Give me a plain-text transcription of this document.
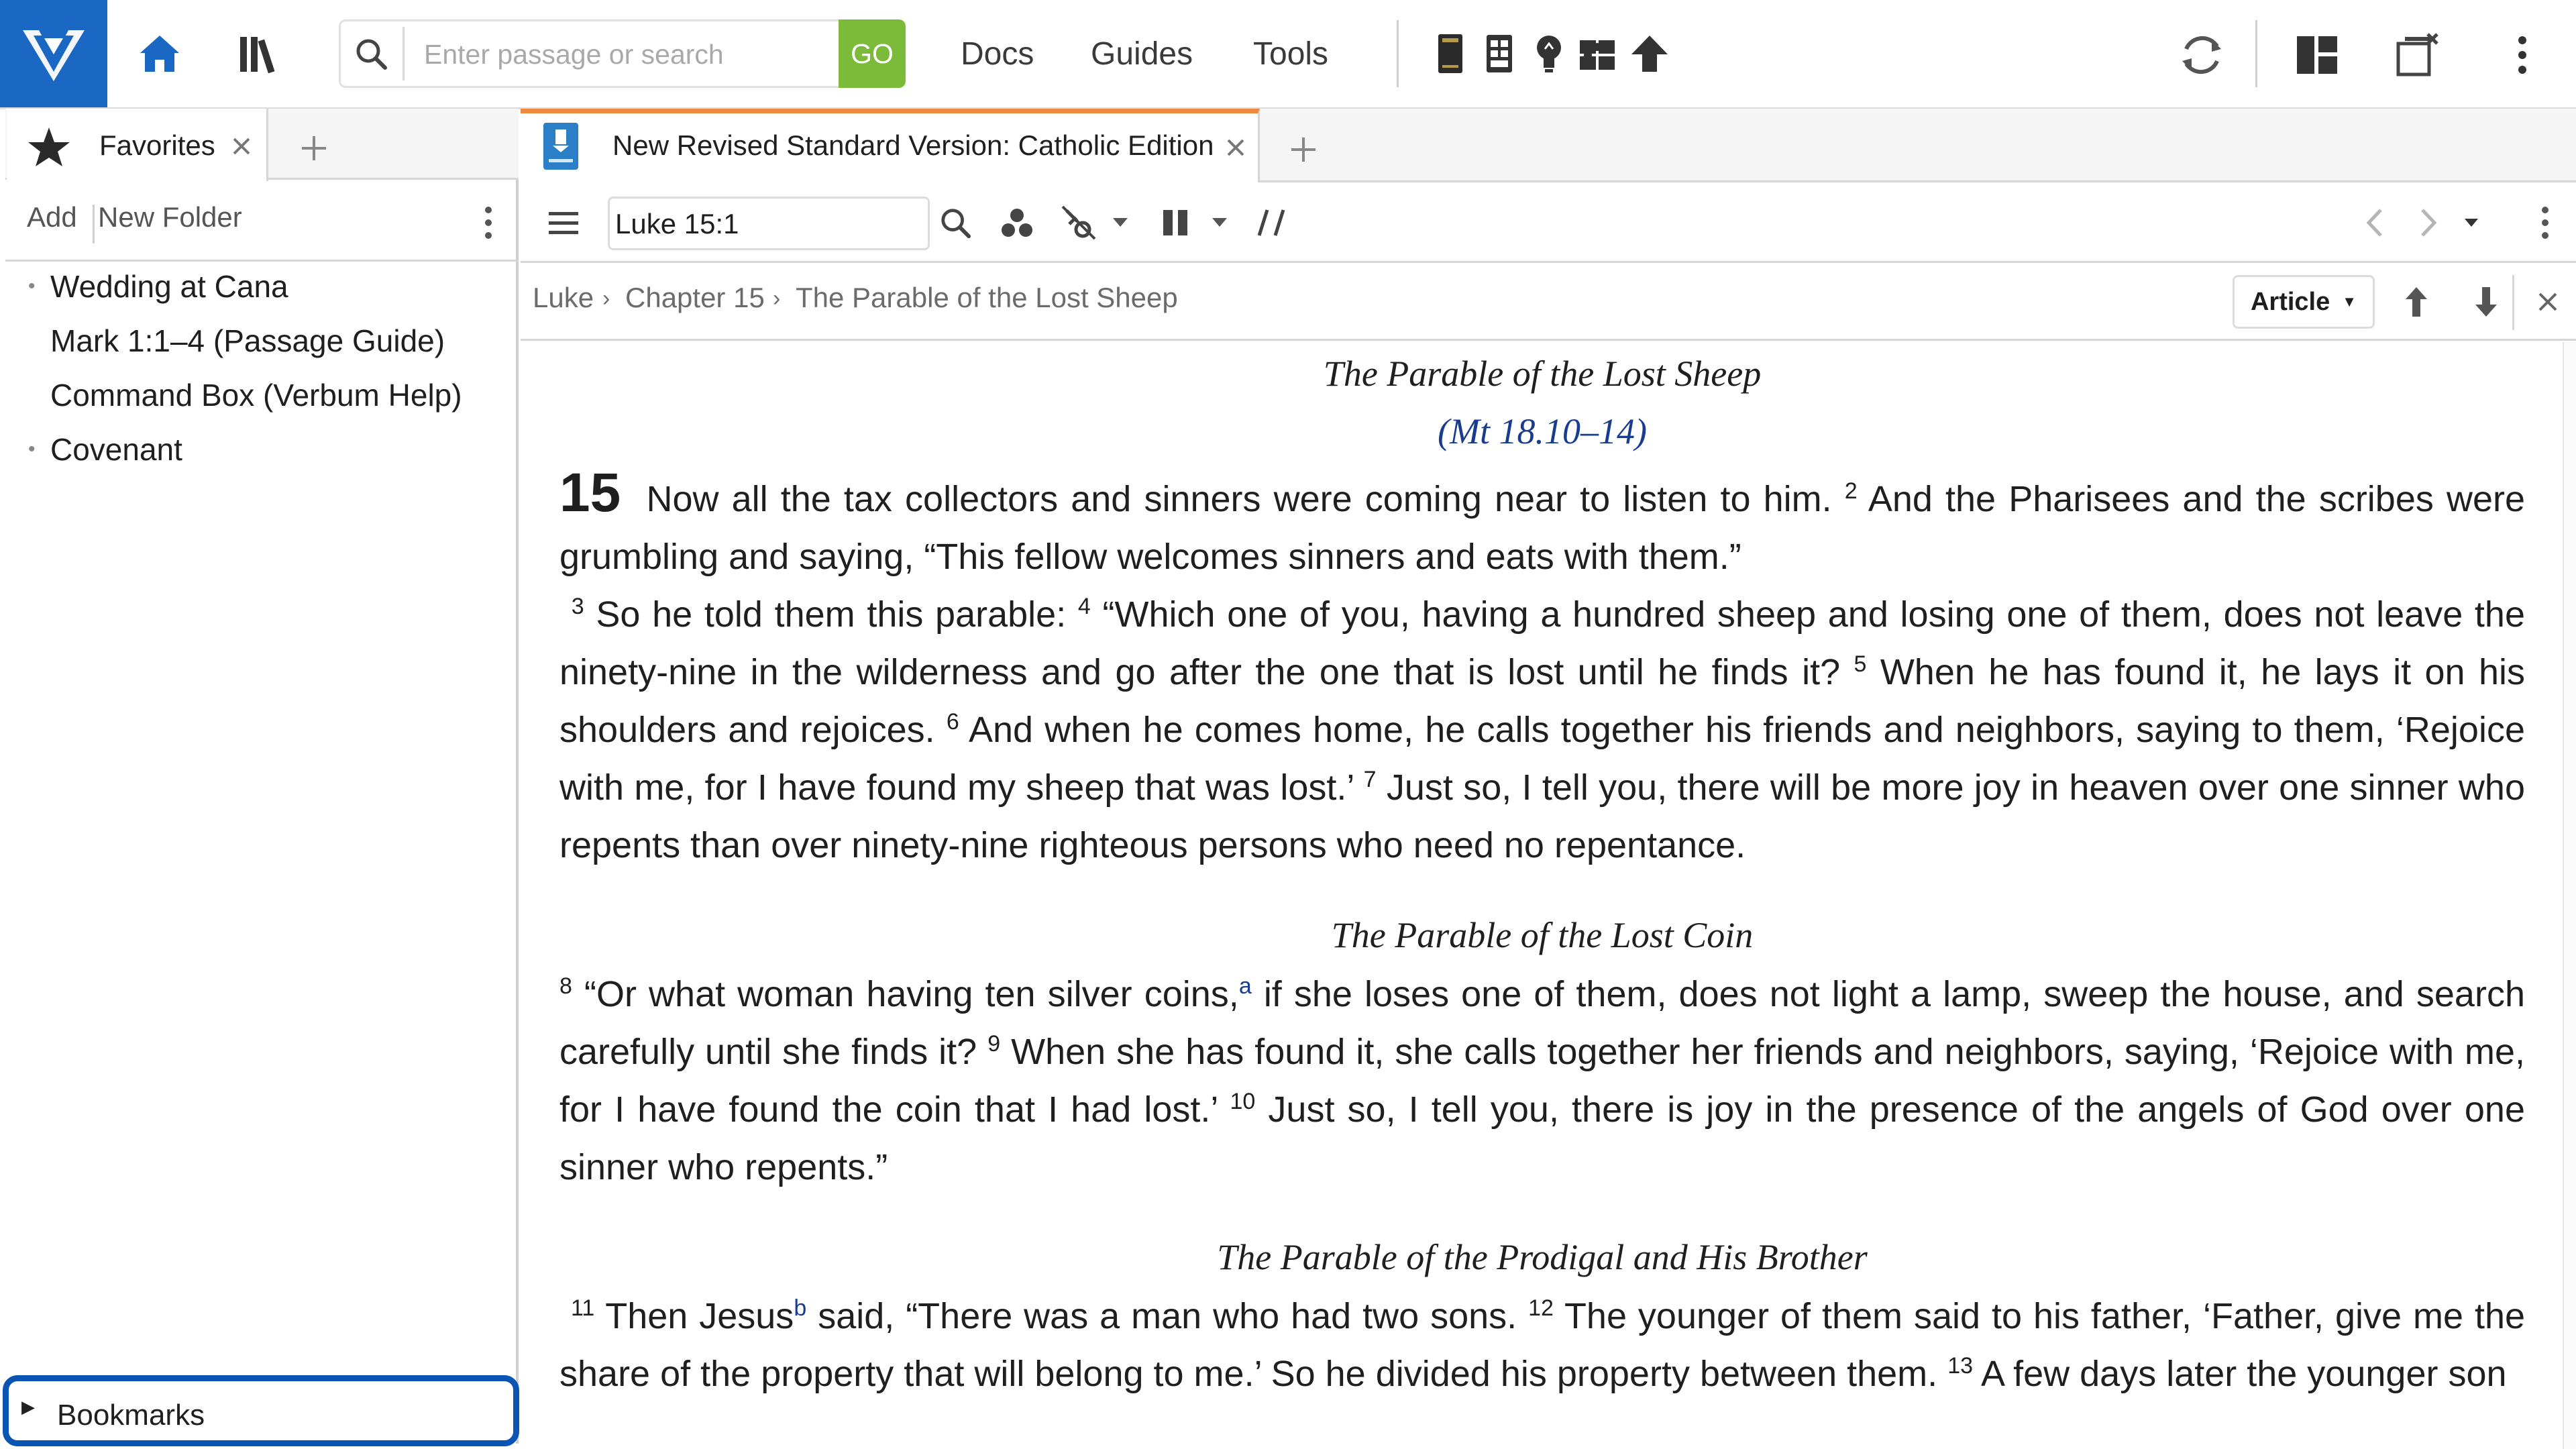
Enter passage or search
GO	Docs Guides Tools
Favorites
Add New Folder
• Wedding at Cana
Mark 1:1–4 (Passage Guide)
Command Box (Verbum Help)
• Covenant
▶ Bookmarks
New Revised Standard Version: Catholic Edition
Luke 15:1
Luke › Chapter 15 › The Parable of the Lost Sheep	Article ▼
The Parable of the Lost Sheep
(Mt 18.10–14)

15 Now all the tax collectors and sinners were coming near to listen to him. $^2$ And the Pharisees and the scribes were grumbling and saying, “This fellow welcomes sinners and eats with them.”

$^3$ So he told them this parable: $^4$ “Which one of you, having a hundred sheep and losing one of them, does not leave the ninety-nine in the wilderness and go after the one that is lost until he finds it? $^5$ When he has found it, he lays it on his shoulders and rejoices. $^6$ And when he comes home, he calls together his friends and neighbors, saying to them, ‘Rejoice with me, for I have found my sheep that was lost.’ $^7$ Just so, I tell you, there will be more joy in heaven over one sinner who repents than over ninety-nine righteous persons who need no repentance.

The Parable of the Lost Coin

$^8$ “Or what woman having ten silver coins,$^a$ if she loses one of them, does not light a lamp, sweep the house, and search carefully until she finds it? $^9$ When she has found it, she calls together her friends and neighbors, saying, ‘Rejoice with me, for I have found the coin that I had lost.’ $^{10}$ Just so, I tell you, there is joy in the presence of the angels of God over one sinner who repents.”

The Parable of the Prodigal and His Brother

$^{11}$ Then Jesus$^b$ said, “There was a man who had two sons. $^{12}$ The younger of them said to his father, ‘Father, give me the share of the property that will belong to me.’ So he divided his property between them. $^{13}$ A few days later the younger son
